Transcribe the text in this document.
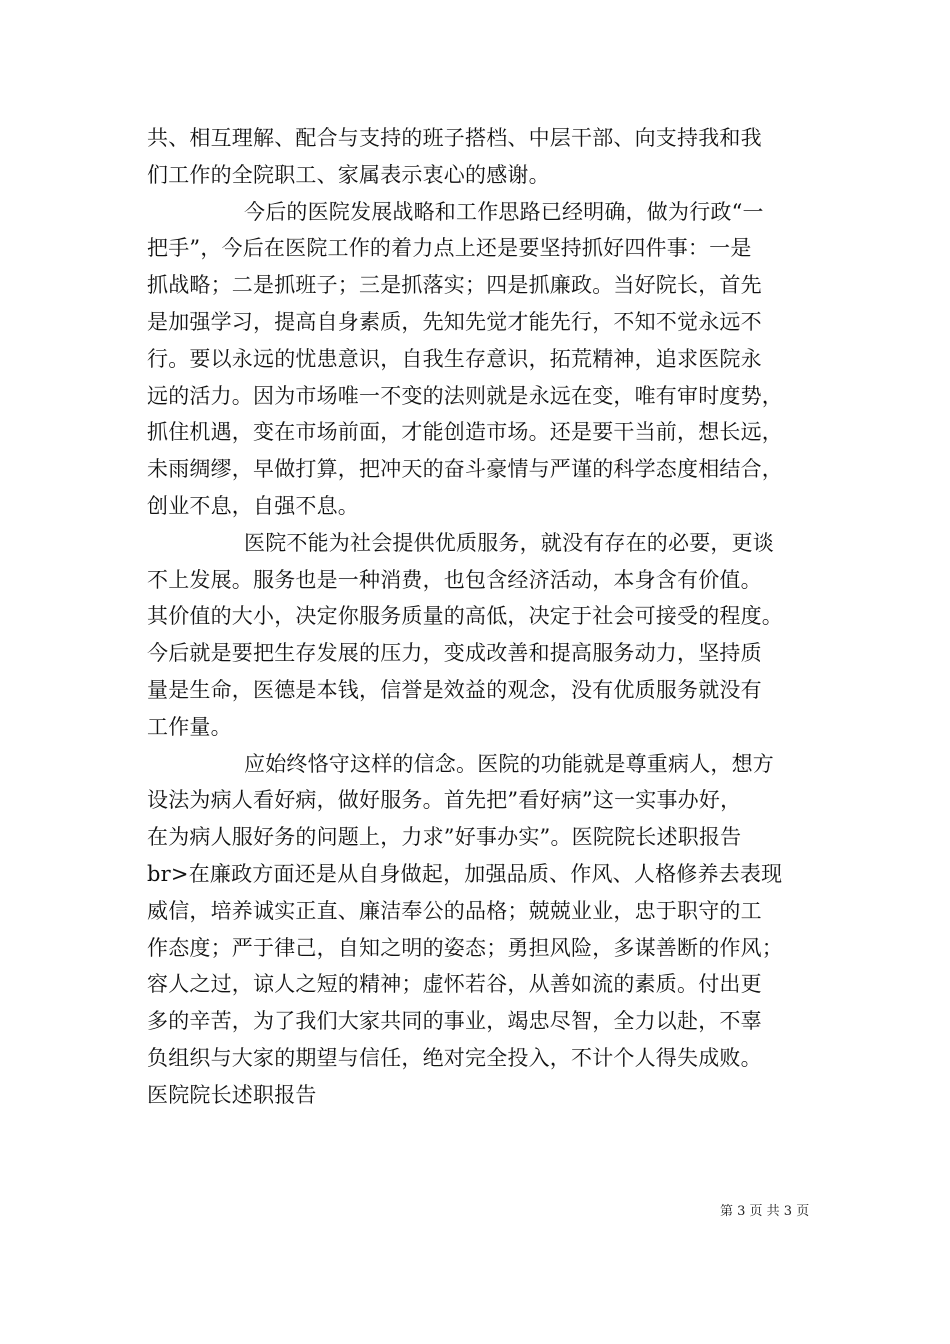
共、相互理解、配合与支持的班子搭档、中层干部、向支持我和我
们工作的全院职工、家属表示衷心的感谢。
今后的医院发展战略和工作思路已经明确，做为行政“一
把手”，今后在医院工作的着力点上还是要坚持抓好四件事：一是
抓战略；二是抓班子；三是抓落实；四是抓廉政。当好院长，首先
是加强学习，提高自身素质，先知先觉才能先行，不知不觉永远不
行。要以永远的忧患意识，自我生存意识，拓荒精神，追求医院永
远的活力。因为市场唯一不变的法则就是永远在变，唯有审时度势，
抓住机遇，变在市场前面，才能创造市场。还是要干当前，想长远，
未雨绸缪，早做打算，把冲天的奋斗豪情与严谨的科学态度相结合，
创业不息，自强不息。
医院不能为社会提供优质服务，就没有存在的必要，更谈
不上发展。服务也是一种消费，也包含经济活动，本身含有价值。
其价值的大小，决定你服务质量的高低，决定于社会可接受的程度。
今后就是要把生存发展的压力，变成改善和提高服务动力，坚持质
量是生命，医德是本钱，信誉是效益的观念，没有优质服务就没有
工作量。
应始终恪守这样的信念。医院的功能就是尊重病人，想方
设法为病人看好病，做好服务。首先把”看好病”这一实事办好，
在为病人服好务的问题上，力求”好事办实”。医院院长述职报告
br>在廉政方面还是从自身做起，加强品质、作风、人格修养去表现
威信，培养诚实正直、廉洁奉公的品格；兢兢业业，忠于职守的工
作态度；严于律己，自知之明的姿态；勇担风险，多谋善断的作风；
容人之过，谅人之短的精神；虚怀若谷，从善如流的素质。付出更
多的辛苦，为了我们大家共同的事业，竭忠尽智，全力以赴，不辜
负组织与大家的期望与信任，绝对完全投入，不计个人得失成败。
医院院长述职报告
第 3 页 共 3 页
